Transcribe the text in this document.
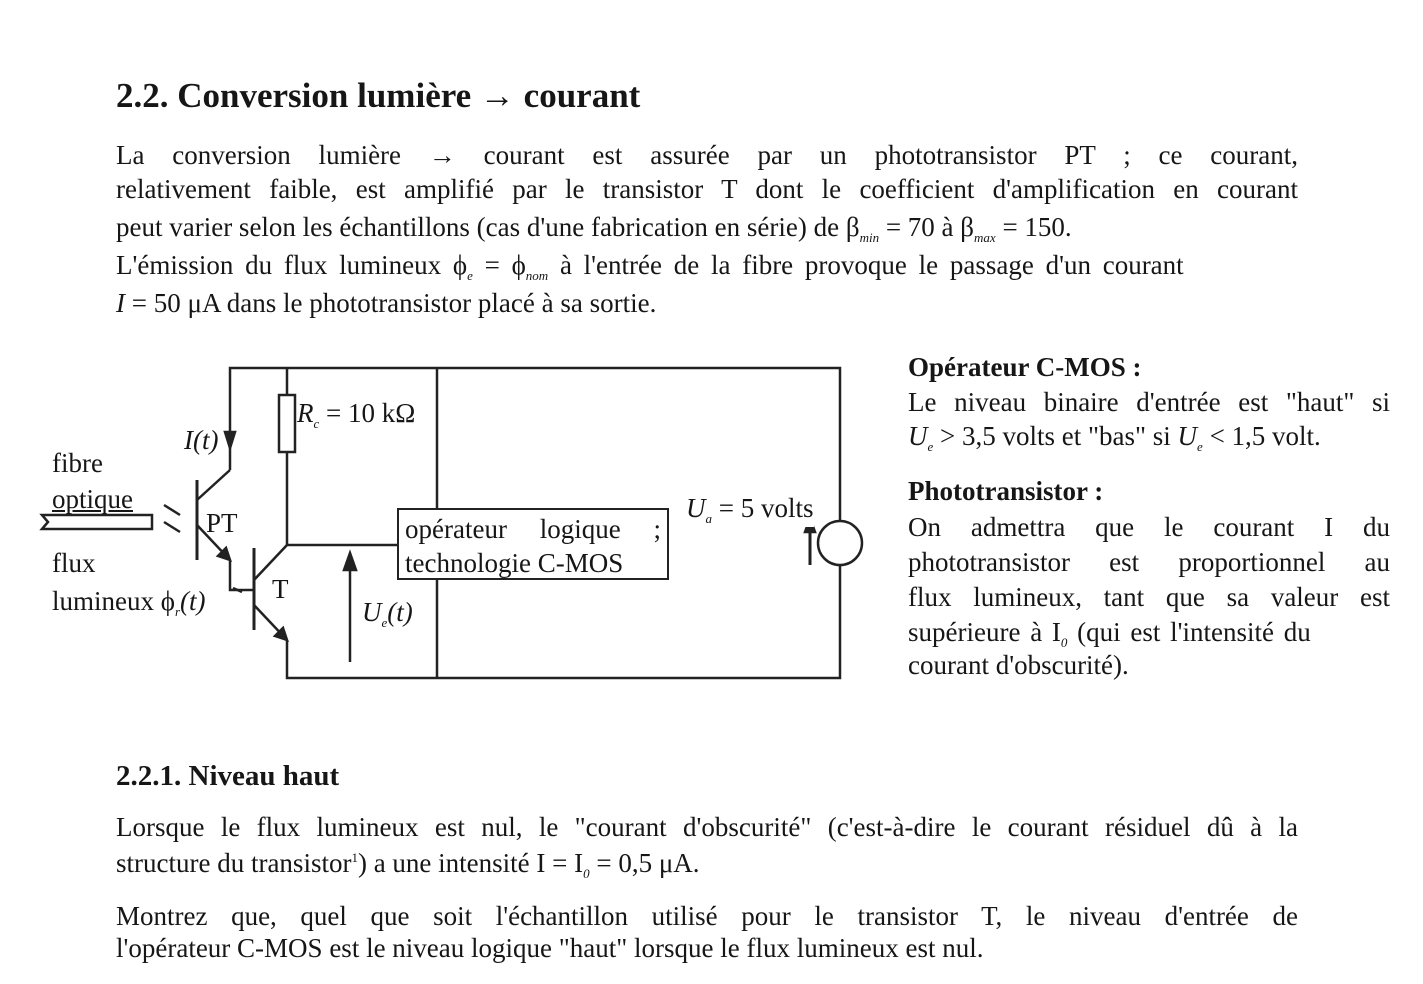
2.2. Conversion lumière → courant
La conversion lumière → courant est assurée par un phototransistor PT ; ce courant,
relativement faible, est amplifié par le transistor T dont le coefficient d'amplification en courant
peut varier selon les échantillons (cas d'une fabrication en série) de $\beta_{min} = 70$ à $\beta_{max} = 150$.
L'émission du flux lumineux $\phi_e = \phi_{nom}$ à l'entrée de la fibre provoque le passage d'un courant
I = 50 μA dans le phototransistor placé à sa sortie.
fibre
optique
flux
lumineux $\phi_r(t)$
I(t)
$R_c = 10$ kΩ
PT
T
$U_e(t)$
$U_a = 5$ volts
opérateur logique ;
technologie C-MOS
Opérateur C-MOS :
Le niveau binaire d'entrée est "haut" si
$U_e > 3,5$ volts et "bas" si $U_e < 1,5$ volt.
Phototransistor :
On admettra que le courant I du
phototransistor est proportionnel au
flux lumineux, tant que sa valeur est
supérieure à $I_0$ (qui est l'intensité du
courant d'obscurité).
2.2.1. Niveau haut
Lorsque le flux lumineux est nul, le "courant d'obscurité" (c'est-à-dire le courant résiduel dû à la
structure du transistor$^1$) a une intensité $I = I_0 = 0,5$ μA.
Montrez que, quel que soit l'échantillon utilisé pour le transistor T, le niveau d'entrée de
l'opérateur C-MOS est le niveau logique "haut" lorsque le flux lumineux est nul.
